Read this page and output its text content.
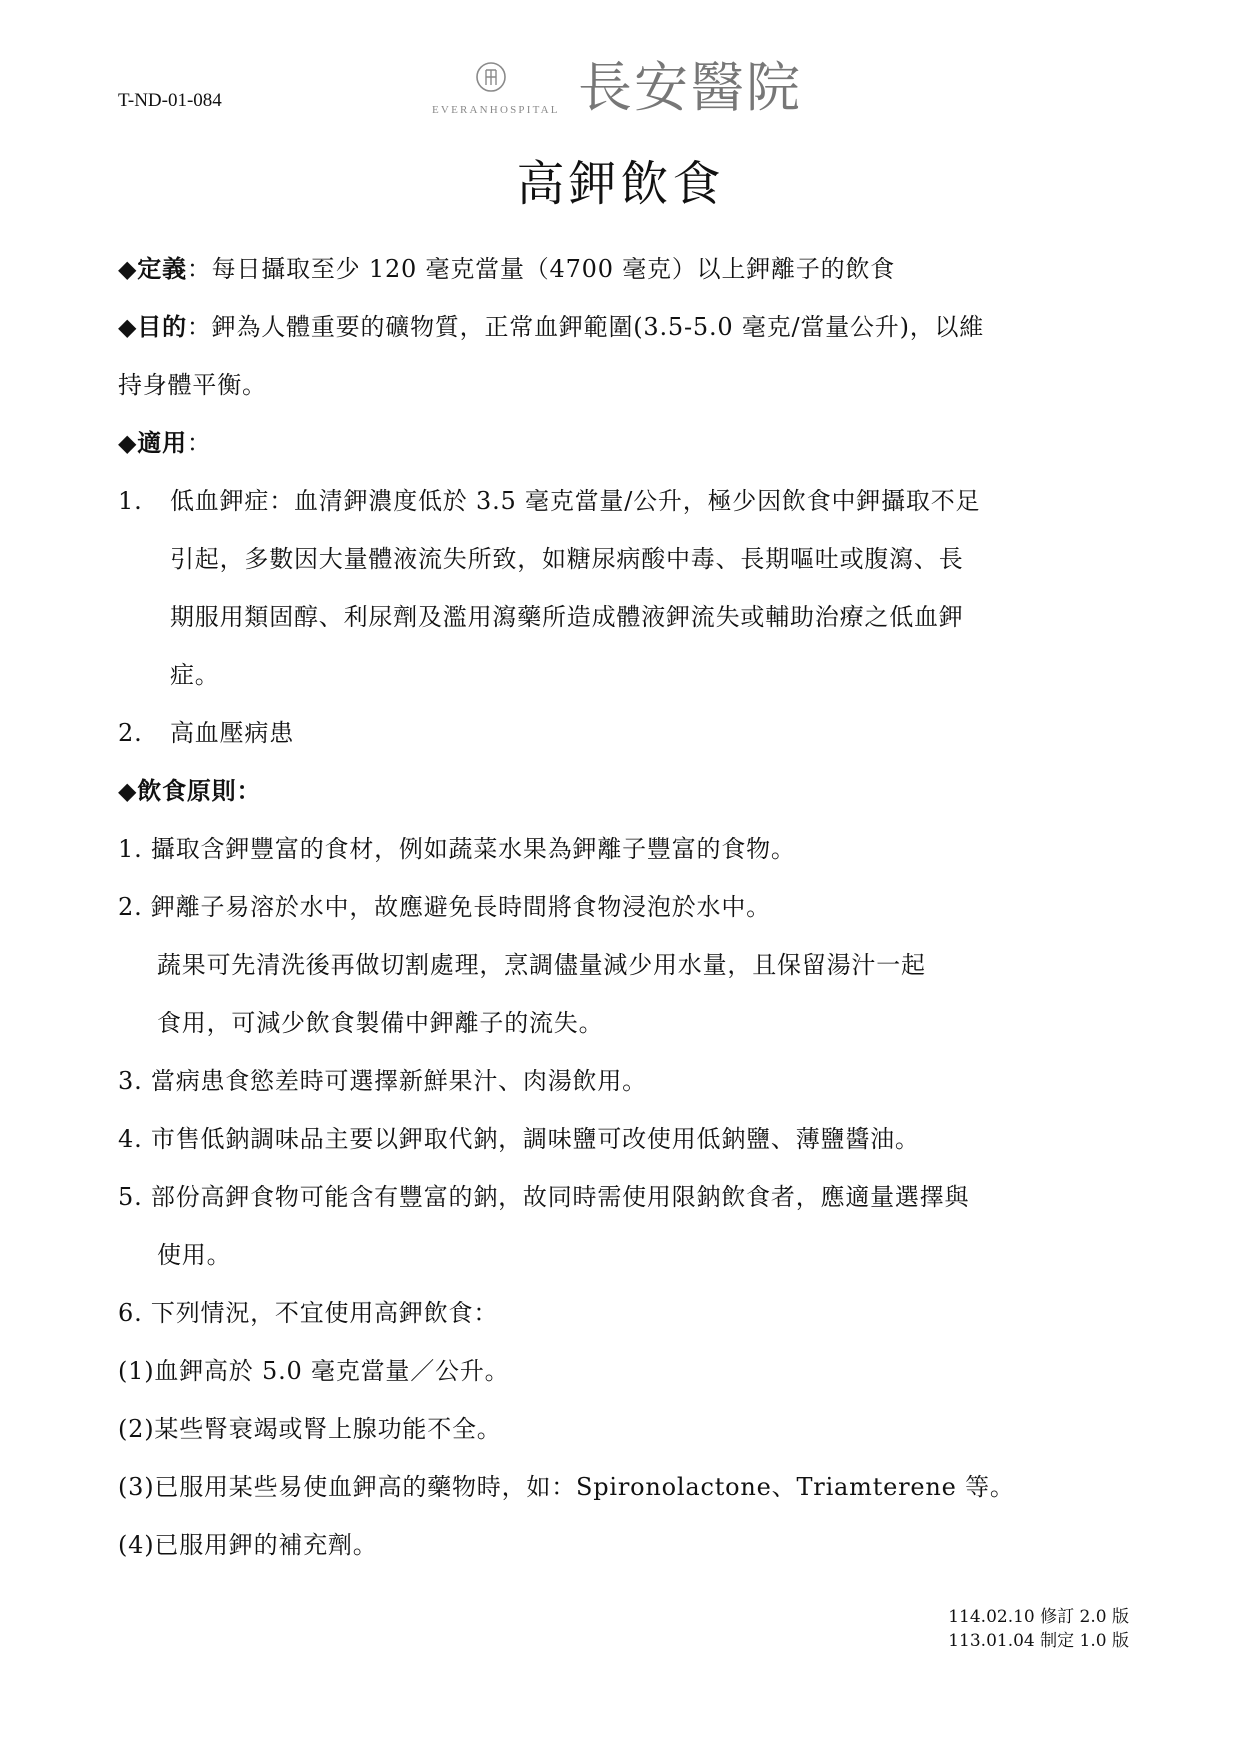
T-ND-01-084	EVERANHOSPITAL 長安醫院
高鉀飲食
◆定義：每日攝取至少 120 毫克當量（4700 毫克）以上鉀離子的飲食
◆目的：鉀為人體重要的礦物質，正常血鉀範圍(3.5-5.0 毫克/當量公升)，以維
持身體平衡。
◆適用：
1. 低血鉀症：血清鉀濃度低於 3.5 毫克當量/公升，極少因飲食中鉀攝取不足
引起，多數因大量體液流失所致，如糖尿病酸中毒、長期嘔吐或腹瀉、長
期服用類固醇、利尿劑及濫用瀉藥所造成體液鉀流失或輔助治療之低血鉀
症。
2. 高血壓病患
◆飲食原則：
1. 攝取含鉀豐富的食材，例如蔬菜水果為鉀離子豐富的食物。
2. 鉀離子易溶於水中，故應避免長時間將食物浸泡於水中。
蔬果可先清洗後再做切割處理，烹調儘量減少用水量，且保留湯汁一起
食用，可減少飲食製備中鉀離子的流失。
3. 當病患食慾差時可選擇新鮮果汁、肉湯飲用。
4. 市售低鈉調味品主要以鉀取代鈉，調味鹽可改使用低鈉鹽、薄鹽醬油。
5. 部份高鉀食物可能含有豐富的鈉，故同時需使用限鈉飲食者，應適量選擇與
使用。
6. 下列情況，不宜使用高鉀飲食：
(1)血鉀高於 5.0 毫克當量／公升。
(2)某些腎衰竭或腎上腺功能不全。
(3)已服用某些易使血鉀高的藥物時，如：Spironolactone、Triamterene 等。
(4)已服用鉀的補充劑。
114.02.10 修訂 2.0 版
113.01.04 制定 1.0 版
